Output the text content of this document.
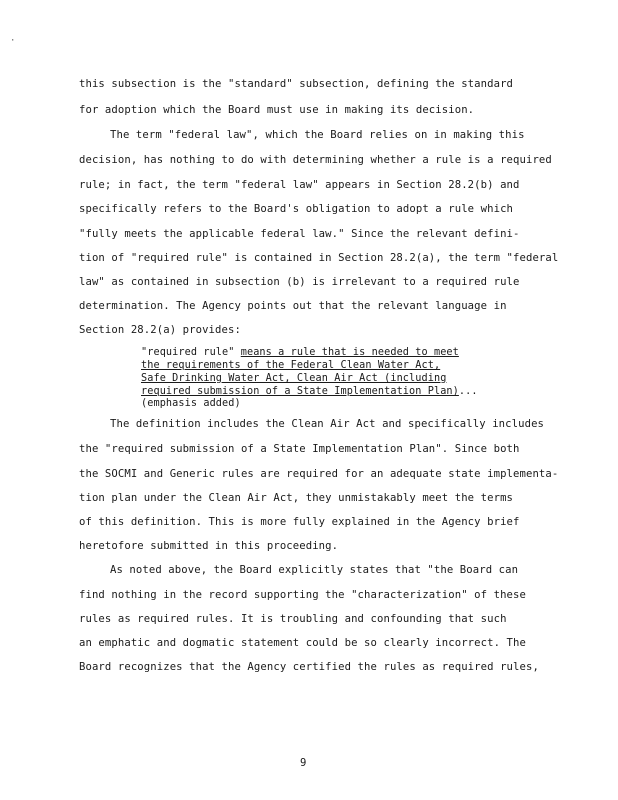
·
this subsection is the "standard" subsection, defining the standard
for adoption which the Board must use in making its decision.
The term "federal law", which the Board relies on in making this
decision, has nothing to do with determining whether a rule is a required
rule; in fact, the term "federal law" appears in Section 28.2(b) and
specifically refers to the Board's obligation to adopt a rule which
"fully meets the applicable federal law." Since the relevant defini-
tion of "required rule" is contained in Section 28.2(a), the term "federal
law" as contained in subsection (b) is irrelevant to a required rule
determination. The Agency points out that the relevant language in
Section 28.2(a) provides:
"required rule" means a rule that is needed to meet
the requirements of the Federal Clean Water Act,
Safe Drinking Water Act, Clean Air Act (including
required submission of a State Implementation Plan)...
(emphasis added)
The definition includes the Clean Air Act and specifically includes
the "required submission of a State Implementation Plan". Since both
the SOCMI and Generic rules are required for an adequate state implementa-
tion plan under the Clean Air Act, they unmistakably meet the terms
of this definition. This is more fully explained in the Agency brief
heretofore submitted in this proceeding.
As noted above, the Board explicitly states that "the Board can
find nothing in the record supporting the "characterization" of these
rules as required rules. It is troubling and confounding that such
an emphatic and dogmatic statement could be so clearly incorrect. The
Board recognizes that the Agency certified the rules as required rules,
9
